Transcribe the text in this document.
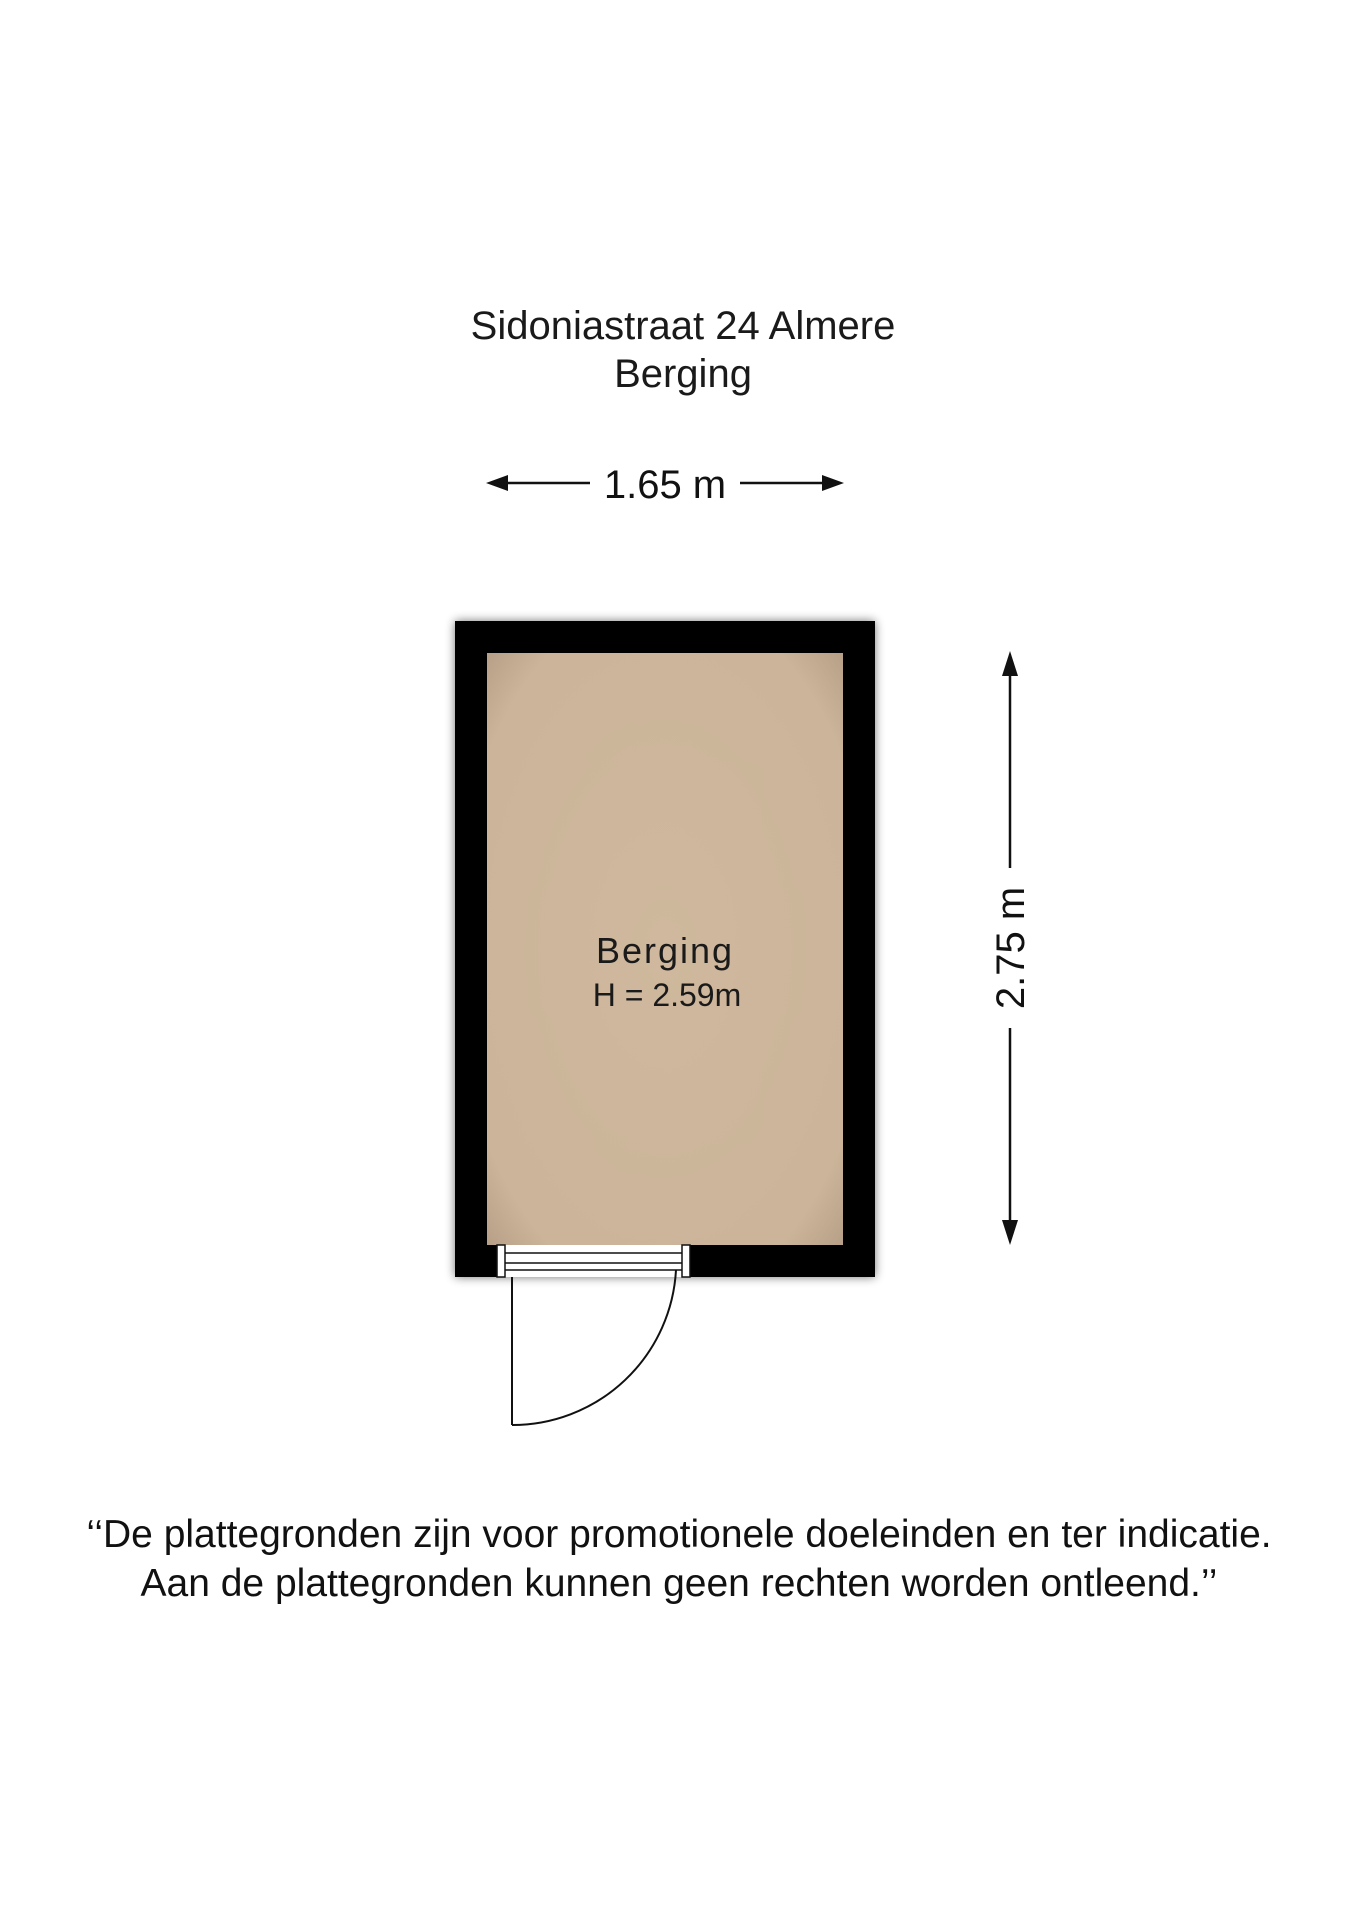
Sidoniastraat 24 Almere
Berging
1.65 m
2.75 m
Berging
H = 2.59m
‘‘De plattegronden zijn voor promotionele doeleinden en ter indicatie.
Aan de plattegronden kunnen geen rechten worden ontleend.’’
